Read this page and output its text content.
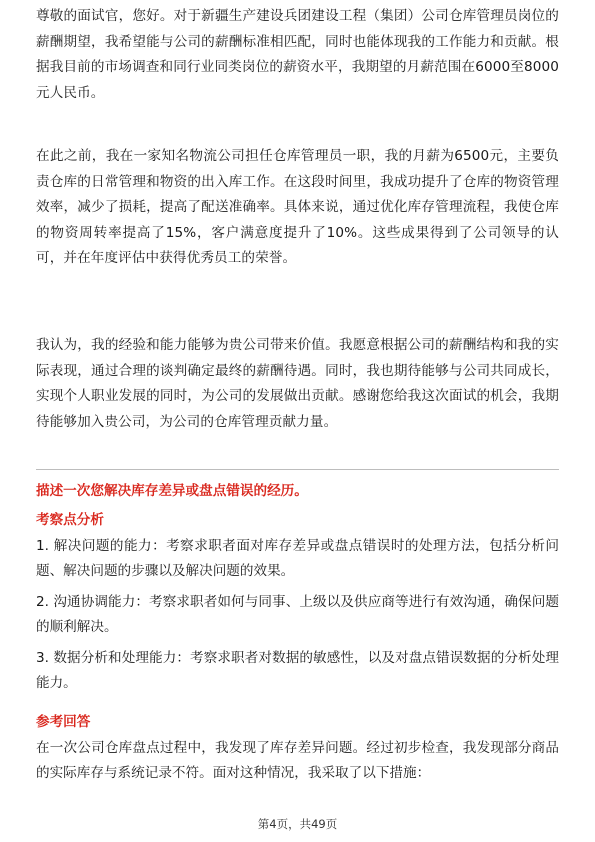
尊敬的面试官，您好。对于新疆生产建设兵团建设工程（集团）公司仓库管理员岗位的薪酬期望，我希望能与公司的薪酬标准相匹配，同时也能体现我的工作能力和贡献。根据我目前的市场调查和同行业同类岗位的薪资水平，我期望的月薪范围在6000至8000元人民币。

在此之前，我在一家知名物流公司担任仓库管理员一职，我的月薪为6500元，主要负责仓库的日常管理和物资的出入库工作。在这段时间里，我成功提升了仓库的物资管理效率，减少了损耗，提高了配送准确率。具体来说，通过优化库存管理流程，我使仓库的物资周转率提高了15%，客户满意度提升了10%。这些成果得到了公司领导的认可，并在年度评估中获得优秀员工的荣誉。

我认为，我的经验和能力能够为贵公司带来价值。我愿意根据公司的薪酬结构和我的实际表现，通过合理的谈判确定最终的薪酬待遇。同时，我也期待能够与公司共同成长，实现个人职业发展的同时，为公司的发展做出贡献。感谢您给我这次面试的机会，我期待能够加入贵公司，为公司的仓库管理贡献力量。

描述一次您解决库存差异或盘点错误的经历。

考察点分析

1. 解决问题的能力：考察求职者面对库存差异或盘点错误时的处理方法，包括分析问题、解决问题的步骤以及解决问题的效果。

2. 沟通协调能力：考察求职者如何与同事、上级以及供应商等进行有效沟通，确保问题的顺利解决。

3. 数据分析和处理能力：考察求职者对数据的敏感性，以及对盘点错误数据的分析处理能力。

参考回答

在一次公司仓库盘点过程中，我发现了库存差异问题。经过初步检查，我发现部分商品的实际库存与系统记录不符。面对这种情况，我采取了以下措施：

第4页，共49页
